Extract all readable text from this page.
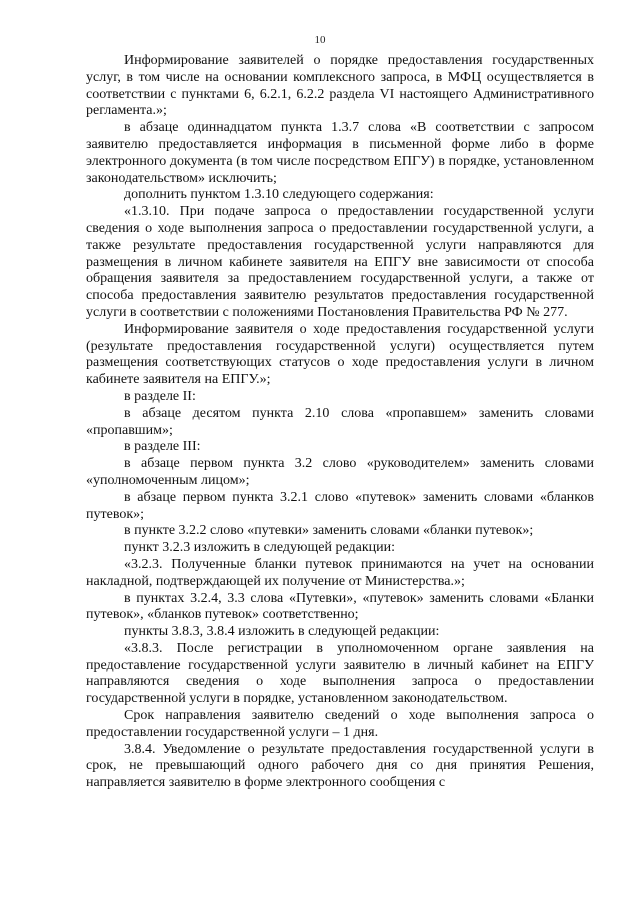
10

Информирование заявителей о порядке предоставления государственных услуг, в том числе на основании комплексного запроса, в МФЦ осуществляется в соответствии с пунктами 6, 6.2.1, 6.2.2 раздела VI настоящего Административного регламента.»;

в абзаце одиннадцатом пункта 1.3.7 слова «В соответствии с запросом заявителю предоставляется информация в письменной форме либо в форме электронного документа (в том числе посредством ЕПГУ) в порядке, установленном законодательством» исключить;

дополнить пунктом 1.3.10 следующего содержания:

«1.3.10. При подаче запроса о предоставлении государственной услуги сведения о ходе выполнения запроса о предоставлении государственной услуги, а также результате предоставления государственной услуги направляются для размещения в личном кабинете заявителя на ЕПГУ вне зависимости от способа обращения заявителя за предоставлением государственной услуги, а также от способа предоставления заявителю результатов предоставления государственной услуги в соответствии с положениями Постановления Правительства РФ № 277.

Информирование заявителя о ходе предоставления государственной услуги (результате предоставления государственной услуги) осуществляется путем размещения соответствующих статусов о ходе предоставления услуги в личном кабинете заявителя на ЕПГУ.»;

в разделе II:

в абзаце десятом пункта 2.10 слова «пропавшем» заменить словами «пропавшим»;

в разделе III:

в абзаце первом пункта 3.2 слово «руководителем» заменить словами «уполномоченным лицом»;

в абзаце первом пункта 3.2.1 слово «путевок» заменить словами «бланков путевок»;

в пункте 3.2.2 слово «путевки» заменить словами «бланки путевок»;

пункт 3.2.3 изложить в следующей редакции:

«3.2.3. Полученные бланки путевок принимаются на учет на основании накладной, подтверждающей их получение от Министерства.»;

в пунктах 3.2.4, 3.3 слова «Путевки», «путевок» заменить словами «Бланки путевок», «бланков путевок» соответственно;

пункты 3.8.3, 3.8.4 изложить в следующей редакции:

«3.8.3. После регистрации в уполномоченном органе заявления на предоставление государственной услуги заявителю в личный кабинет на ЕПГУ направляются сведения о ходе выполнения запроса о предоставлении государственной услуги в порядке, установленном законодательством.

Срок направления заявителю сведений о ходе выполнения запроса о предоставлении государственной услуги – 1 дня.

3.8.4. Уведомление о результате предоставления государственной услуги в срок, не превышающий одного рабочего дня со дня принятия Решения, направляется заявителю в форме электронного сообщения с
